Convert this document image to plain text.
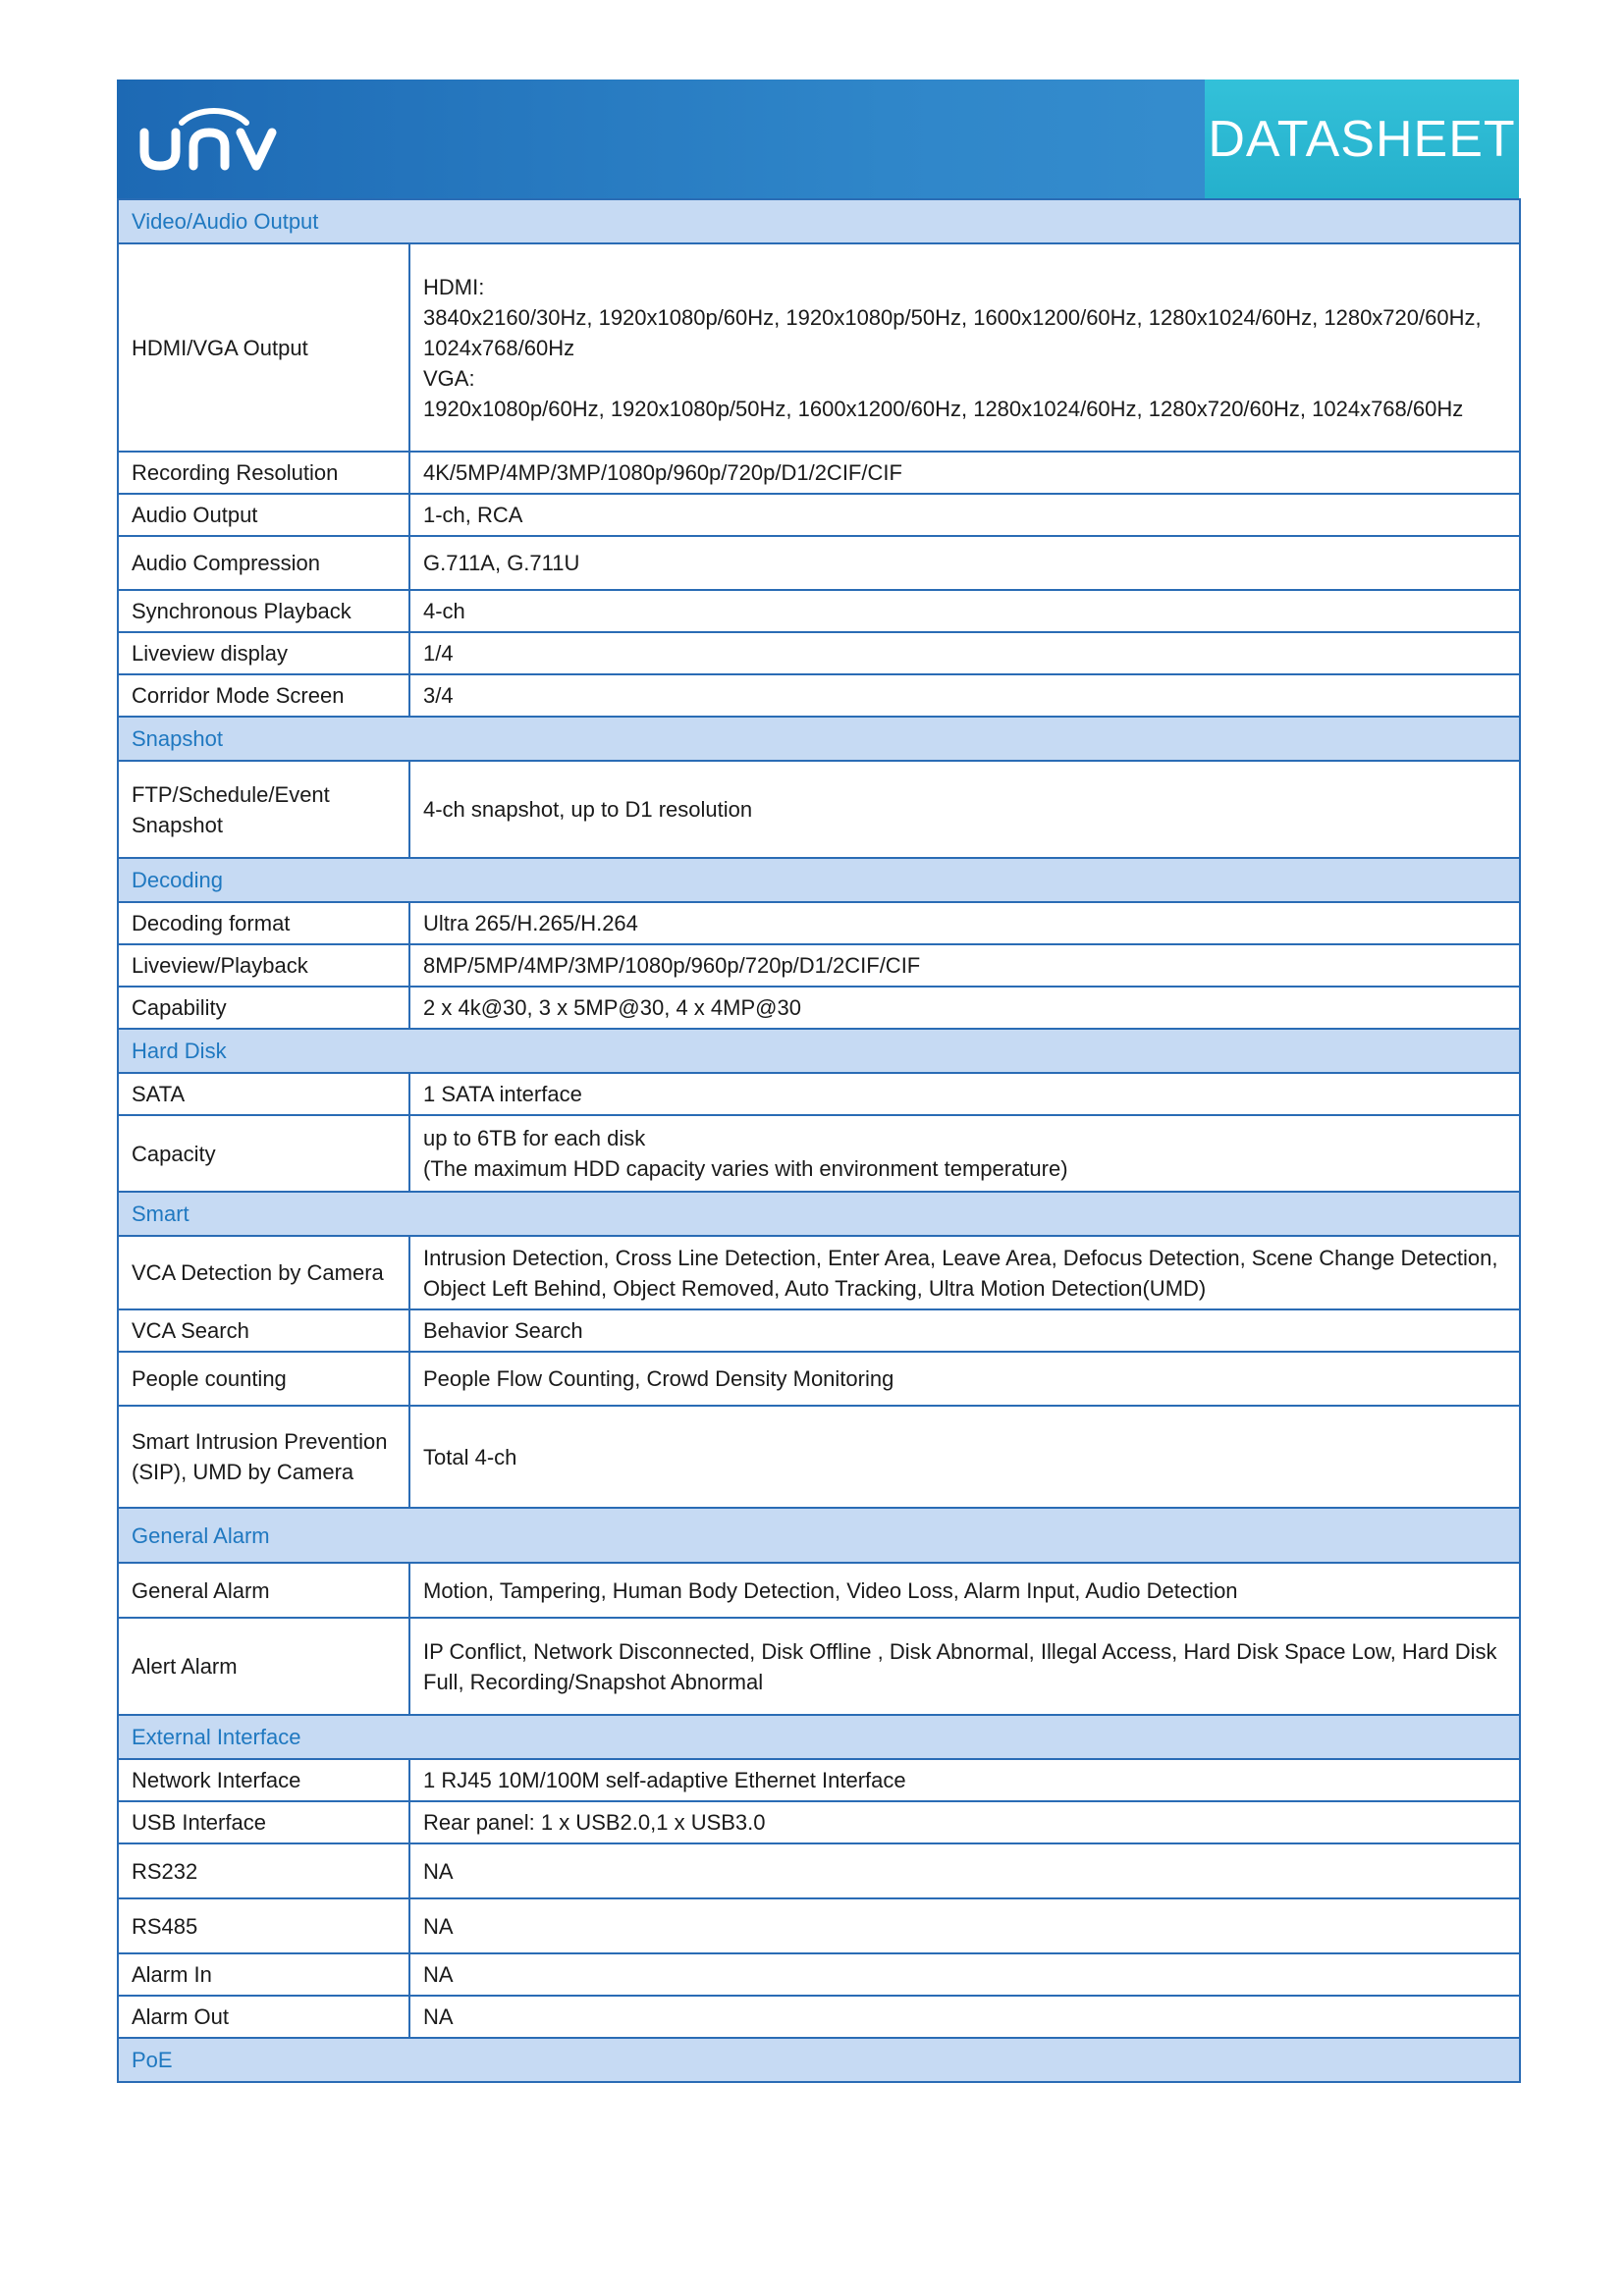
DATASHEET
Video/Audio Output	
HDMI/VGA Output	HDMI:
3840x2160/30Hz, 1920x1080p/60Hz, 1920x1080p/50Hz, 1600x1200/60Hz, 1280x1024/60Hz, 1280x720/60Hz, 1024x768/60Hz
VGA:
1920x1080p/60Hz, 1920x1080p/50Hz, 1600x1200/60Hz, 1280x1024/60Hz, 1280x720/60Hz, 1024x768/60Hz

Recording Resolution	4K/5MP/4MP/3MP/1080p/960p/720p/D1/2CIF/CIF

Audio Output	1-ch, RCA

Audio Compression	G.711A, G.711U

Synchronous Playback	4-ch

Liveview display	1/4

Corridor Mode Screen	3/4

Snapshot	
FTP/Schedule/Event Snapshot	4-ch snapshot, up to D1 resolution

Decoding	
Decoding format	Ultra 265/H.265/H.264

Liveview/Playback	8MP/5MP/4MP/3MP/1080p/960p/720p/D1/2CIF/CIF

Capability	2 x 4k@30, 3 x 5MP@30, 4 x 4MP@30

Hard Disk	
SATA	1 SATA interface

Capacity	up to 6TB for each disk
(The maximum HDD capacity varies with environment temperature)

Smart	
VCA Detection by Camera	Intrusion Detection, Cross Line Detection, Enter Area, Leave Area, Defocus Detection, Scene Change Detection, Object Left Behind, Object Removed, Auto Tracking, Ultra Motion Detection(UMD)

VCA Search	Behavior Search

People counting	People Flow Counting, Crowd Density Monitoring

Smart Intrusion Prevention (SIP), UMD by Camera	Total 4-ch

General Alarm	
General Alarm	Motion, Tampering, Human Body Detection, Video Loss, Alarm Input, Audio Detection

Alert Alarm	IP Conflict, Network Disconnected, Disk Offline , Disk Abnormal, Illegal Access, Hard Disk Space Low, Hard Disk Full, Recording/Snapshot Abnormal

External Interface	
Network Interface	1 RJ45 10M/100M self-adaptive Ethernet Interface

USB Interface	Rear panel: 1 x USB2.0,1 x USB3.0

RS232	NA

RS485	NA

Alarm In	NA

Alarm Out	NA

PoE	
